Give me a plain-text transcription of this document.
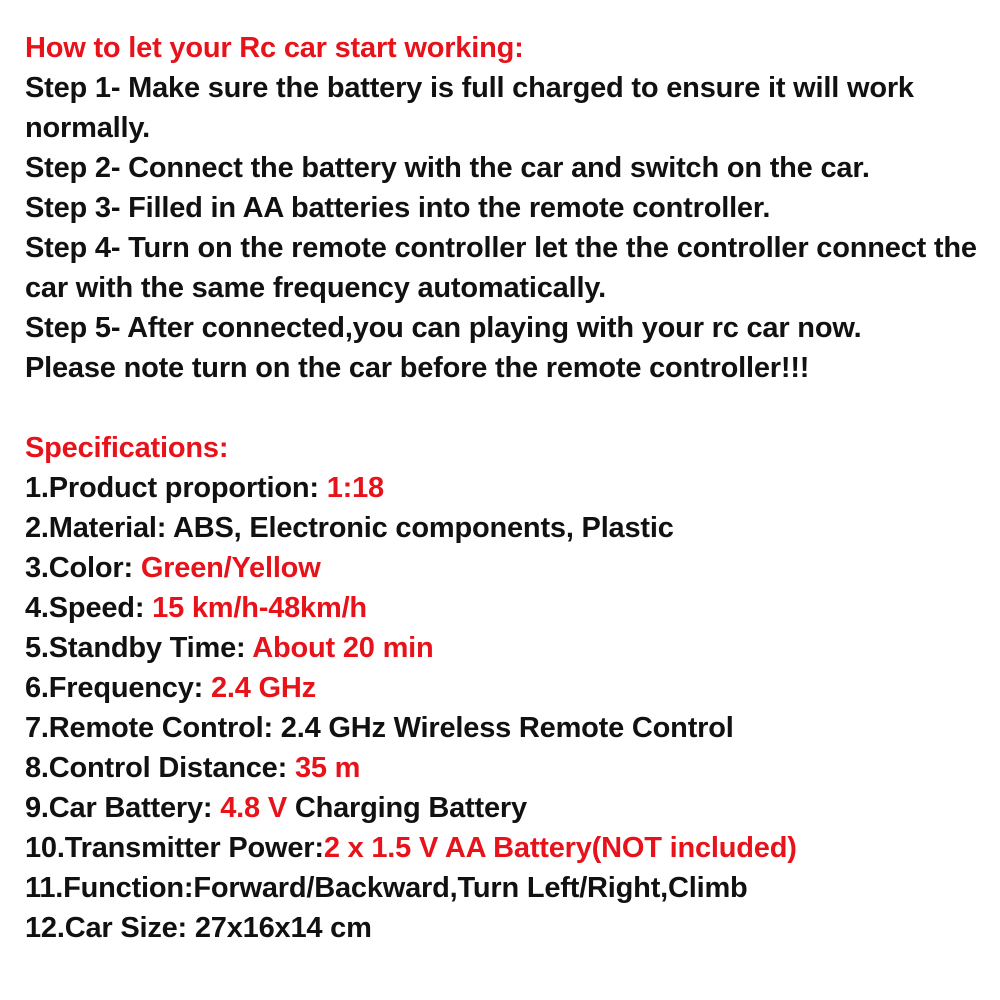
How to let your Rc car start working:
Step 1- Make sure the battery is full charged to ensure it will work normally.
Step 2- Connect the battery with the car and switch on the car.
Step 3- Filled in AA batteries into the remote controller.
Step 4- Turn on the remote controller let the the controller connect the car with the same frequency automatically.
Step 5- After connected,you can playing with your rc car now.
Please note turn on the car before the remote controller!!!
Specifications:
1.Product proportion: 1:18
2.Material: ABS, Electronic components, Plastic
3.Color: Green/Yellow
4.Speed: 15 km/h-48km/h
5.Standby Time: About 20 min
6.Frequency: 2.4 GHz
7.Remote Control: 2.4 GHz Wireless Remote Control
8.Control Distance: 35 m
9.Car Battery: 4.8 V Charging Battery
10.Transmitter Power:2 x 1.5 V AA Battery(NOT included)
11.Function:Forward/Backward,Turn Left/Right,Climb
12.Car Size: 27x16x14 cm
